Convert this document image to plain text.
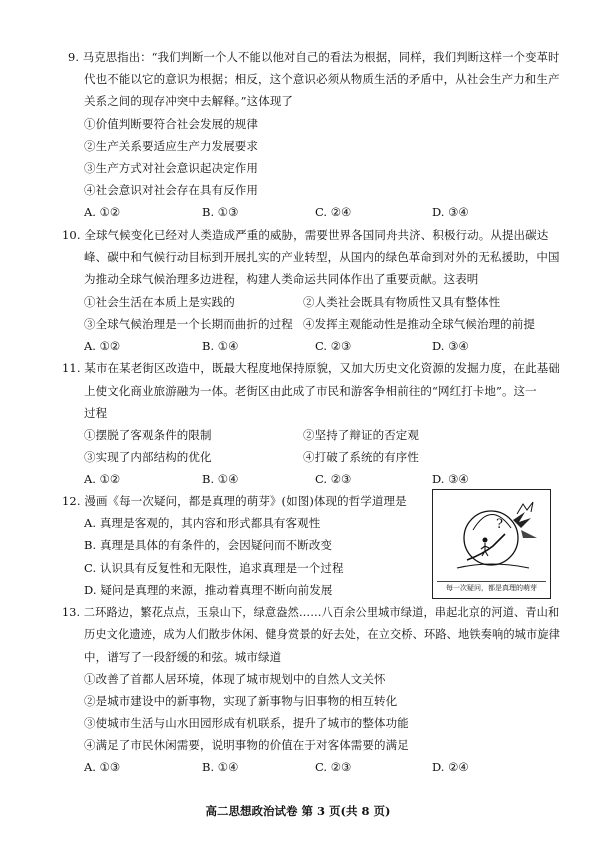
9. 马克思指出：“我们判断一个人不能以他对自己的看法为根据，同样，我们判断这样一个变革时
代也不能以它的意识为根据；相反，这个意识必须从物质生活的矛盾中，从社会生产力和生产
关系之间的现存冲突中去解释。”这体现了
①价值判断要符合社会发展的规律
②生产关系要适应生产力发展要求
③生产方式对社会意识起决定作用
④社会意识对社会存在具有反作用
A. ①②	B. ①③	C. ②④	D. ③④
10. 全球气候变化已经对人类造成严重的威胁，需要世界各国同舟共济、积极行动。从提出碳达
峰、碳中和气候行动目标到开展扎实的产业转型，从国内的绿色革命到对外的无私援助，中国
为推动全球气候治理多边进程，构建人类命运共同体作出了重要贡献。这表明
①社会生活在本质上是实践的	②人类社会既具有物质性又具有整体性
③全球气候治理是一个长期而曲折的过程 ④发挥主观能动性是推动全球气候治理的前提
A. ①②	B. ①④	C. ②③	D. ③④
11. 某市在某老街区改造中，既最大程度地保持原貌，又加大历史文化资源的发掘力度，在此基础
上使文化商业旅游融为一体。老街区由此成了市民和游客争相前往的“网红打卡地”。这一
过程
①摆脱了客观条件的限制	②坚持了辩证的否定观
③实现了内部结构的优化	④打破了系统的有序性
A. ①②	B. ①④	C. ②③	D. ③④
12. 漫画《每一次疑问，都是真理的萌芽》(如图)体现的哲学道理是
A. 真理是客观的，其内容和形式都具有客观性
B. 真理是具体的有条件的，会因疑问而不断改变
C. 认识具有反复性和无限性，追求真理是一个过程
D. 疑问是真理的来源，推动着真理不断向前发展
?
每一次疑问，都是真理的萌芽
13. 二环路边，繁花点点，玉泉山下，绿意盎然……八百余公里城市绿道，串起北京的河道、青山和
历史文化遗迹，成为人们散步休闲、健身赏景的好去处，在立交桥、环路、地铁奏响的城市旋律
中，谱写了一段舒缓的和弦。城市绿道
①改善了首都人居环境，体现了城市规划中的自然人文关怀
②是城市建设中的新事物，实现了新事物与旧事物的相互转化
③使城市生活与山水田园形成有机联系，提升了城市的整体功能
④满足了市民休闲需要，说明事物的价值在于对客体需要的满足
A. ①③	B. ①④	C. ②③	D. ②④
高二思想政治试卷 第 3 页(共 8 页)
